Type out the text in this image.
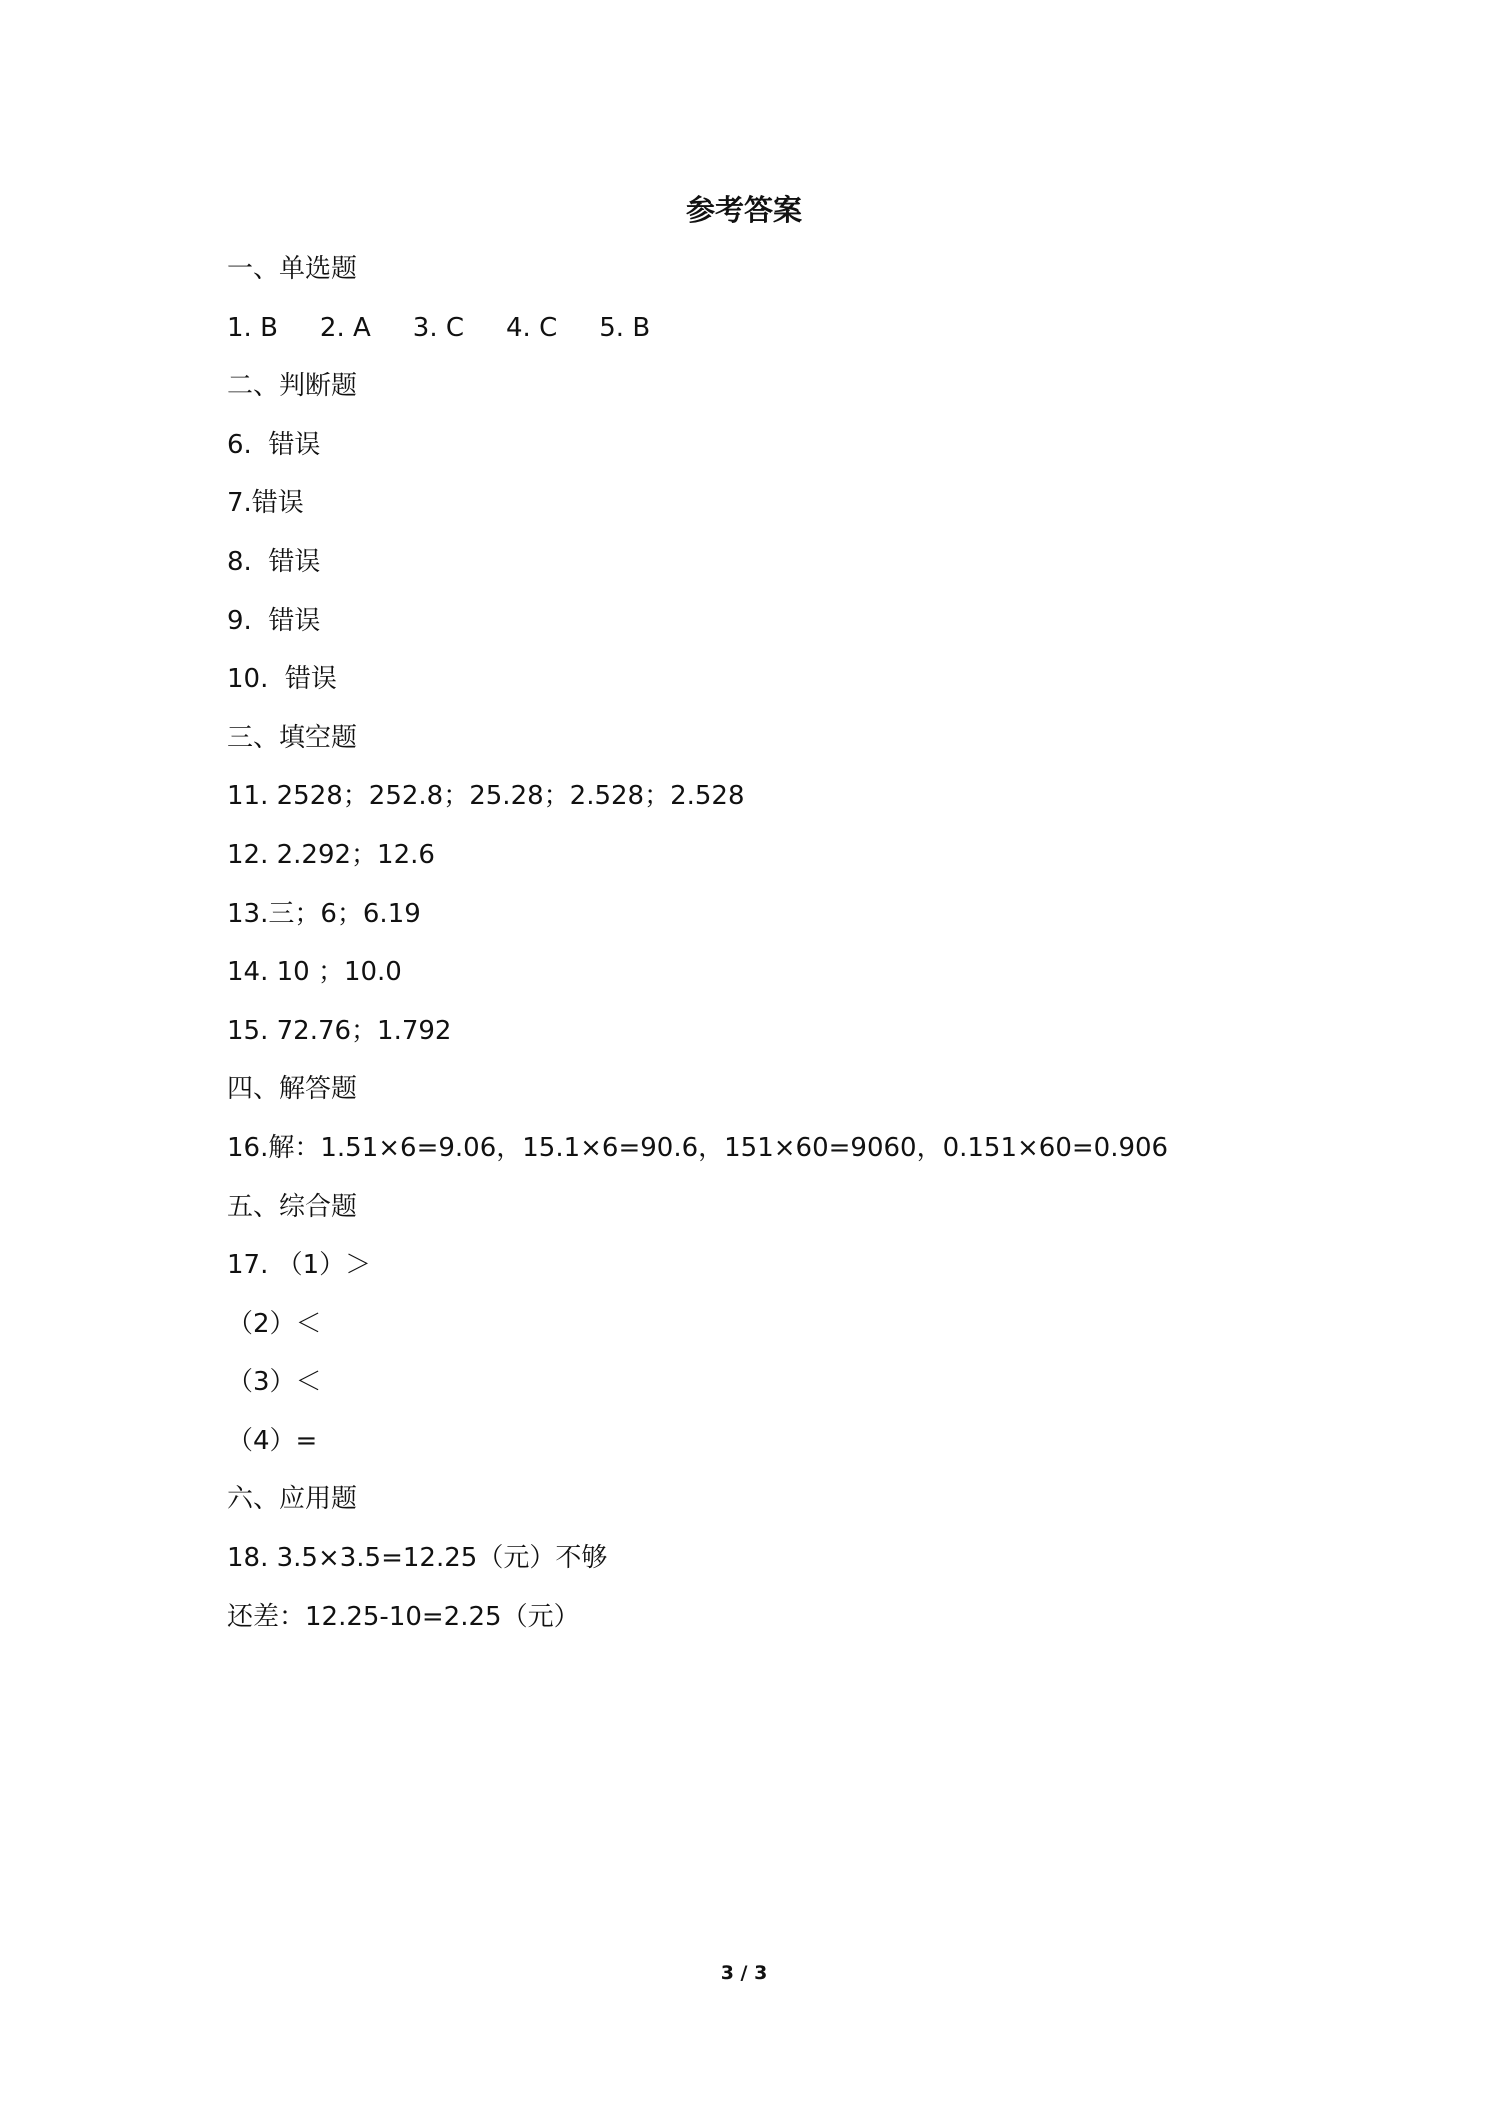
参考答案
一、单选题
1. B 2. A 3. C 4. C 5. B
二、判断题
6.  错误
7.错误
8.  错误
9.  错误
10.  错误
三、填空题
11. 2528；252.8；25.28；2.528；2.528
12. 2.292；12.6
13.三；6；6.19
14. 10 ；10.0
15. 72.76；1.792
四、解答题
16.解：1.51×6=9.06，15.1×6=90.6，151×60=9060，0.151×60=0.906
五、综合题
17. （1）＞
（2）＜
（3）＜
（4）=
六、应用题
18. 3.5×3.5=12.25（元）不够
还差：12.25-10=2.25（元）
3 / 3
